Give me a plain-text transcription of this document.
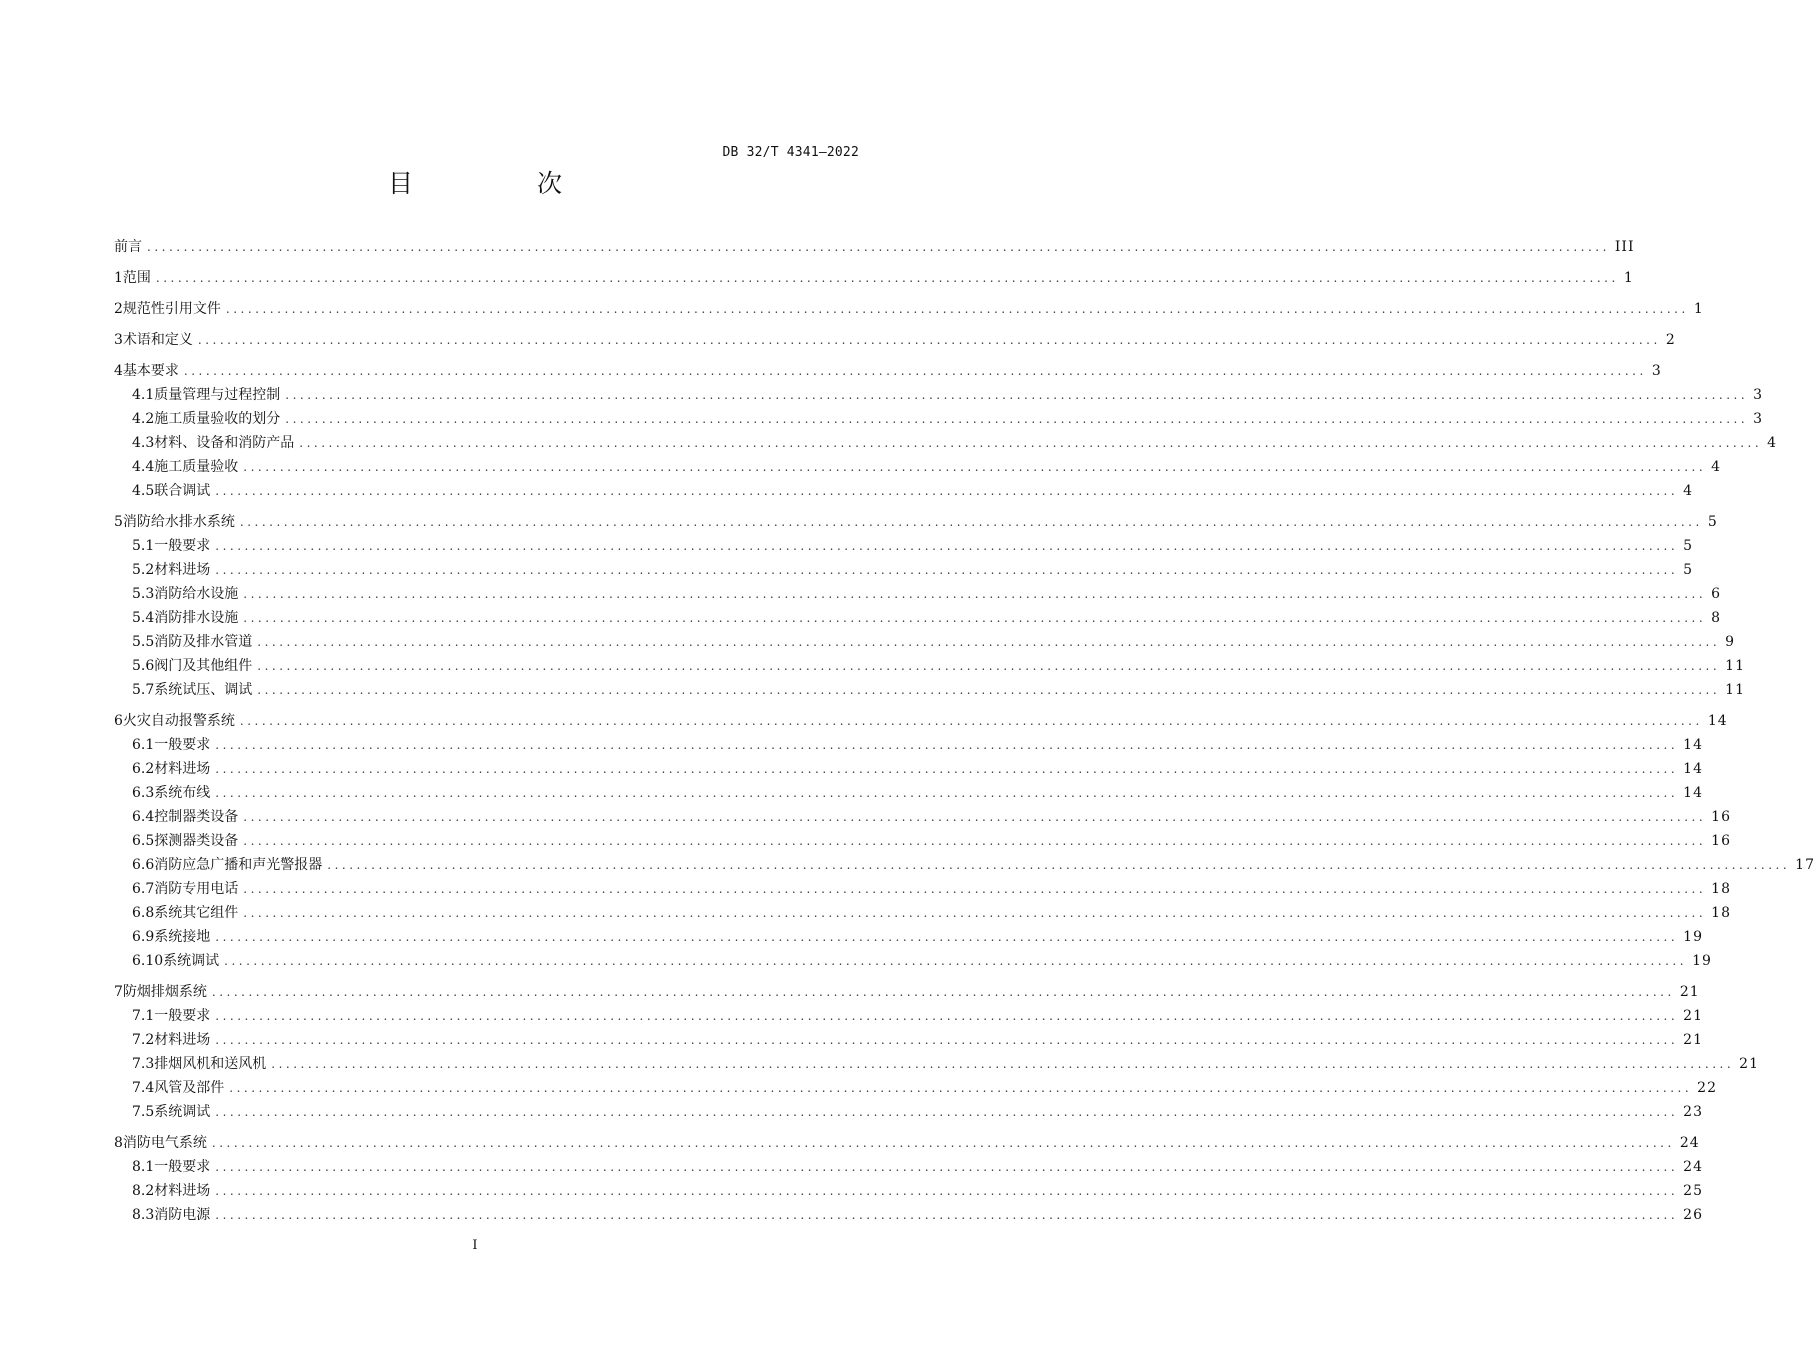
DB 32/T 4341—2022
目 次
前言 ........................................................................................................................................................................................................ III
1 范围 ........................................................................................................................................................................................................ 1
2 规范性引用文件 ........................................................................................................................................................................................................ 1
3 术语和定义 ........................................................................................................................................................................................................ 2
4 基本要求 ........................................................................................................................................................................................................ 3
4.1 质量管理与过程控制 ........................................................................................................................................................................................................ 3
4.2 施工质量验收的划分 ........................................................................................................................................................................................................ 3
4.3 材料、设备和消防产品 ........................................................................................................................................................................................................ 4
4.4 施工质量验收 ........................................................................................................................................................................................................ 4
4.5 联合调试 ........................................................................................................................................................................................................ 4
5 消防给水排水系统 ........................................................................................................................................................................................................ 5
5.1 一般要求 ........................................................................................................................................................................................................ 5
5.2 材料进场 ........................................................................................................................................................................................................ 5
5.3 消防给水设施 ........................................................................................................................................................................................................ 6
5.4 消防排水设施 ........................................................................................................................................................................................................ 8
5.5 消防及排水管道 ........................................................................................................................................................................................................ 9
5.6 阀门及其他组件 ........................................................................................................................................................................................................ 11
5.7 系统试压、调试 ........................................................................................................................................................................................................ 11
6 火灾自动报警系统 ........................................................................................................................................................................................................ 14
6.1 一般要求 ........................................................................................................................................................................................................ 14
6.2 材料进场 ........................................................................................................................................................................................................ 14
6.3 系统布线 ........................................................................................................................................................................................................ 14
6.4 控制器类设备 ........................................................................................................................................................................................................ 16
6.5 探测器类设备 ........................................................................................................................................................................................................ 16
6.6 消防应急广播和声光警报器 ........................................................................................................................................................................................................ 17
6.7 消防专用电话 ........................................................................................................................................................................................................ 18
6.8 系统其它组件 ........................................................................................................................................................................................................ 18
6.9 系统接地 ........................................................................................................................................................................................................ 19
6.10 系统调试 ........................................................................................................................................................................................................ 19
7 防烟排烟系统 ........................................................................................................................................................................................................ 21
7.1 一般要求 ........................................................................................................................................................................................................ 21
7.2 材料进场 ........................................................................................................................................................................................................ 21
7.3 排烟风机和送风机 ........................................................................................................................................................................................................ 21
7.4 风管及部件 ........................................................................................................................................................................................................ 22
7.5 系统调试 ........................................................................................................................................................................................................ 23
8 消防电气系统 ........................................................................................................................................................................................................ 24
8.1 一般要求 ........................................................................................................................................................................................................ 24
8.2 材料进场 ........................................................................................................................................................................................................ 25
8.3 消防电源 ........................................................................................................................................................................................................ 26
I
